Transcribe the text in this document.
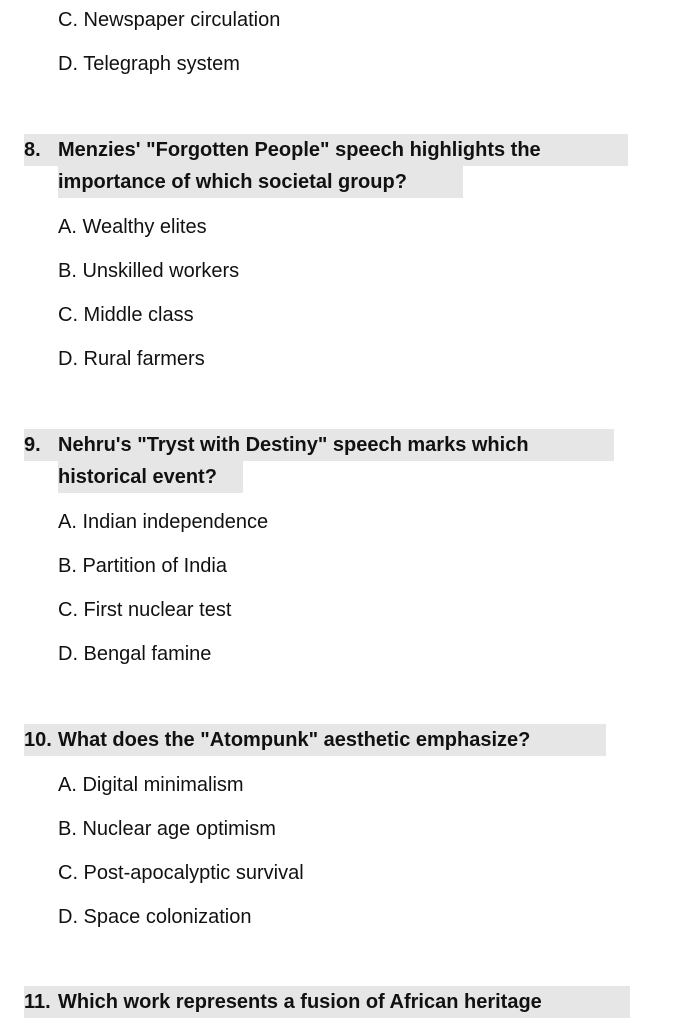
C. Newspaper circulation
D. Telegraph system
8. Menzies' "Forgotten People" speech highlights the
importance of which societal group?
A. Wealthy elites
B. Unskilled workers
C. Middle class
D. Rural farmers
9. Nehru's "Tryst with Destiny" speech marks which
historical event?
A. Indian independence
B. Partition of India
C. First nuclear test
D. Bengal famine
10. What does the "Atompunk" aesthetic emphasize?
A. Digital minimalism
B. Nuclear age optimism
C. Post-apocalyptic survival
D. Space colonization
11. Which work represents a fusion of African heritage
